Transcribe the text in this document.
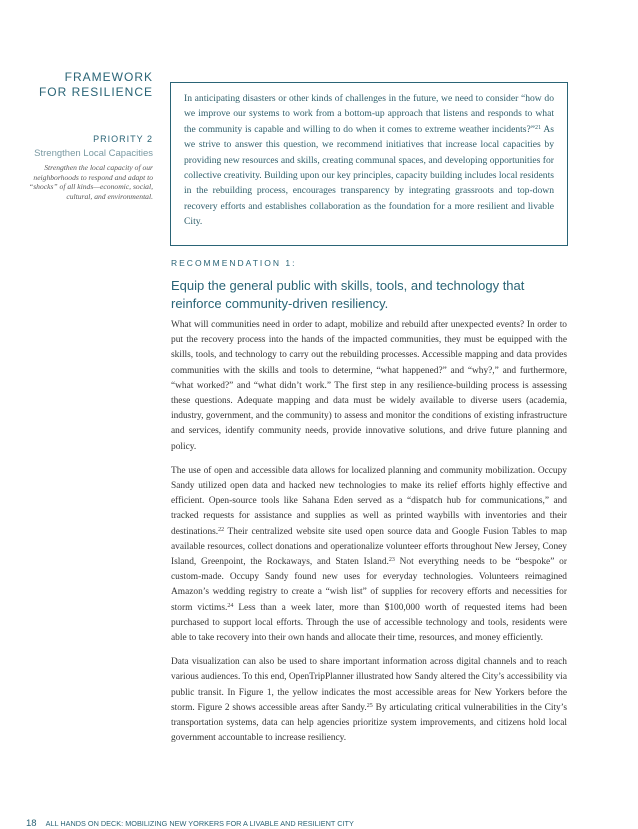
FRAMEWORK
FOR RESILIENCE
PRIORITY 2
Strengthen Local Capacities
Strengthen the local capacity of our neighborhoods to respond and adapt to “shocks” of all kinds—economic, social, cultural, and environmental.
In anticipating disasters or other kinds of challenges in the future, we need to consider “how do we improve our systems to work from a bottom-up approach that listens and responds to what the community is capable and willing to do when it comes to extreme weather incidents?”$^{21}$ As we strive to answer this question, we recommend initiatives that increase local capacities by providing new resources and skills, creating communal spaces, and developing opportunities for collective creativity. Building upon our key principles, capacity building includes local residents in the rebuilding process, encourages transparency by integrating grassroots and top-down recovery efforts and establishes collaboration as the foundation for a more resilient and livable City.
RECOMMENDATION 1:
Equip the general public with skills, tools, and technology that reinforce community-driven resiliency.

What will communities need in order to adapt, mobilize and rebuild after unexpected events? In order to put the recovery process into the hands of the impacted communities, they must be equipped with the skills, tools, and technology to carry out the rebuilding processes. Accessible mapping and data provides communities with the skills and tools to determine, “what happened?” and “why?,” and furthermore, “what worked?” and “what didn’t work.” The first step in any resilience-building process is assessing these questions. Adequate mapping and data must be widely available to diverse users (academia, industry, government, and the community) to assess and monitor the conditions of existing infrastructure and services, identify community needs, provide innovative solutions, and drive future planning and policy.

The use of open and accessible data allows for localized planning and community mobilization. Occupy Sandy utilized open data and hacked new technologies to make its relief efforts highly effective and efficient. Open-source tools like Sahana Eden served as a “dispatch hub for communications,” and tracked requests for assistance and supplies as well as printed waybills with inventories and their destinations.$^{22}$ Their centralized website site used open source data and Google Fusion Tables to map available resources, collect donations and operationalize volunteer efforts throughout New Jersey, Coney Island, Greenpoint, the Rockaways, and Staten Island.$^{23}$ Not everything needs to be “bespoke” or custom-made. Occupy Sandy found new uses for everyday technologies. Volunteers reimagined Amazon’s wedding registry to create a “wish list” of supplies for recovery efforts and necessities for storm victims.$^{24}$ Less than a week later, more than $100,000 worth of requested items had been purchased to support local efforts. Through the use of accessible technology and tools, residents were able to take recovery into their own hands and allocate their time, resources, and money efficiently.

Data visualization can also be used to share important information across digital channels and to reach various audiences. To this end, OpenTripPlanner illustrated how Sandy altered the City’s accessibility via public transit. In Figure 1, the yellow indicates the most accessible areas for New Yorkers before the storm. Figure 2 shows accessible areas after Sandy.$^{25}$ By articulating critical vulnerabilities in the City’s transportation systems, data can help agencies prioritize system improvements, and citizens hold local government accountable to increase resiliency.

18 ALL HANDS ON DECK: MOBILIZING NEW YORKERS FOR A LIVABLE AND RESILIENT CITY
